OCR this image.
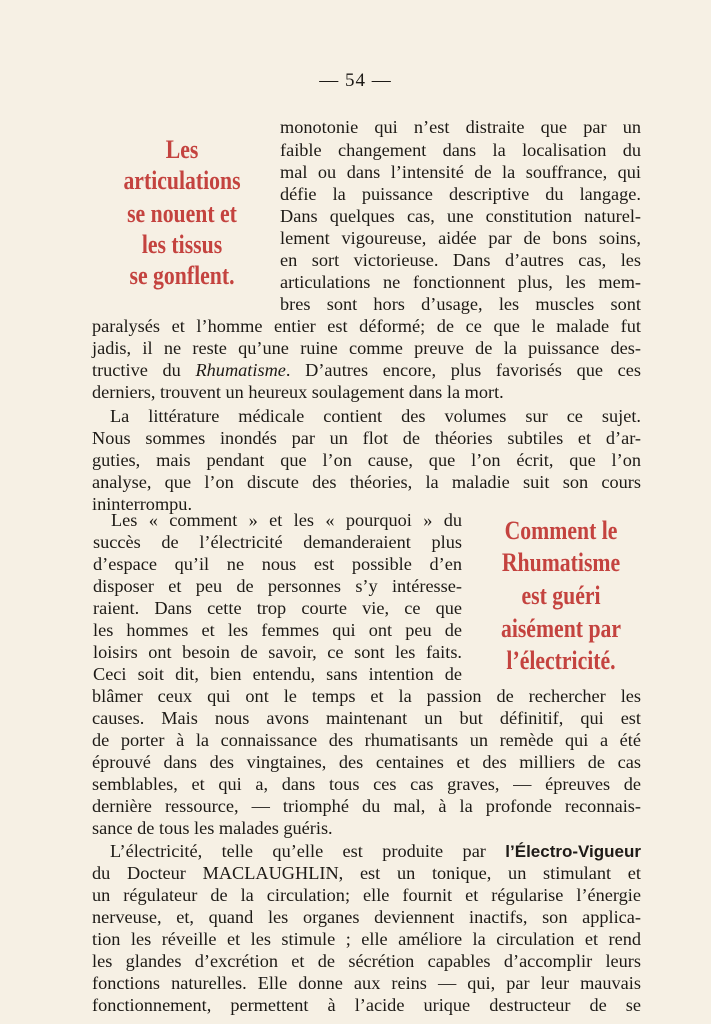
— 54 —
Les
articulations
se nouent et
les tissus
se gonflent.
monotonie qui n’est distraite que par un
faible changement dans la localisation du
mal ou dans l’intensité de la souffrance, qui
défie la puissance descriptive du langage.
Dans quelques cas, une constitution naturel-
lement vigoureuse, aidée par de bons soins,
en sort victorieuse. Dans d’autres cas, les
articulations ne fonctionnent plus, les mem-
bres sont hors d’usage, les muscles sont
paralysés et l’homme entier est déformé; de ce que le malade fut
jadis, il ne reste qu’une ruine comme preuve de la puissance des-
tructive du Rhumatisme. D’autres encore, plus favorisés que ces
derniers, trouvent un heureux soulagement dans la mort.
La littérature médicale contient des volumes sur ce sujet.
Nous sommes inondés par un flot de théories subtiles et d’ar-
guties, mais pendant que l’on cause, que l’on écrit, que l’on
analyse, que l’on discute des théories, la maladie suit son cours
ininterrompu.
Comment le
Rhumatisme
est guéri
aisément par
l’électricité.
Les « comment » et les « pourquoi » du
succès de l’électricité demanderaient plus
d’espace qu’il ne nous est possible d’en
disposer et peu de personnes s’y intéresse-
raient. Dans cette trop courte vie, ce que
les hommes et les femmes qui ont peu de
loisirs ont besoin de savoir, ce sont les faits.
Ceci soit dit, bien entendu, sans intention de
blâmer ceux qui ont le temps et la passion de rechercher les
causes. Mais nous avons maintenant un but définitif, qui est
de porter à la connaissance des rhumatisants un remède qui a été
éprouvé dans des vingtaines, des centaines et des milliers de cas
semblables, et qui a, dans tous ces cas graves, — épreuves de
dernière ressource, — triomphé du mal, à la profonde reconnais-
sance de tous les malades guéris.
L’électricité, telle qu’elle est produite par l’Électro-Vigueur
du Docteur MACLAUGHLIN, est un tonique, un stimulant et
un régulateur de la circulation; elle fournit et régularise l’énergie
nerveuse, et, quand les organes deviennent inactifs, son applica-
tion les réveille et les stimule ; elle améliore la circulation et rend
les glandes d’excrétion et de sécrétion capables d’accomplir leurs
fonctions naturelles. Elle donne aux reins — qui, par leur mauvais
fonctionnement, permettent à l’acide urique destructeur de se
